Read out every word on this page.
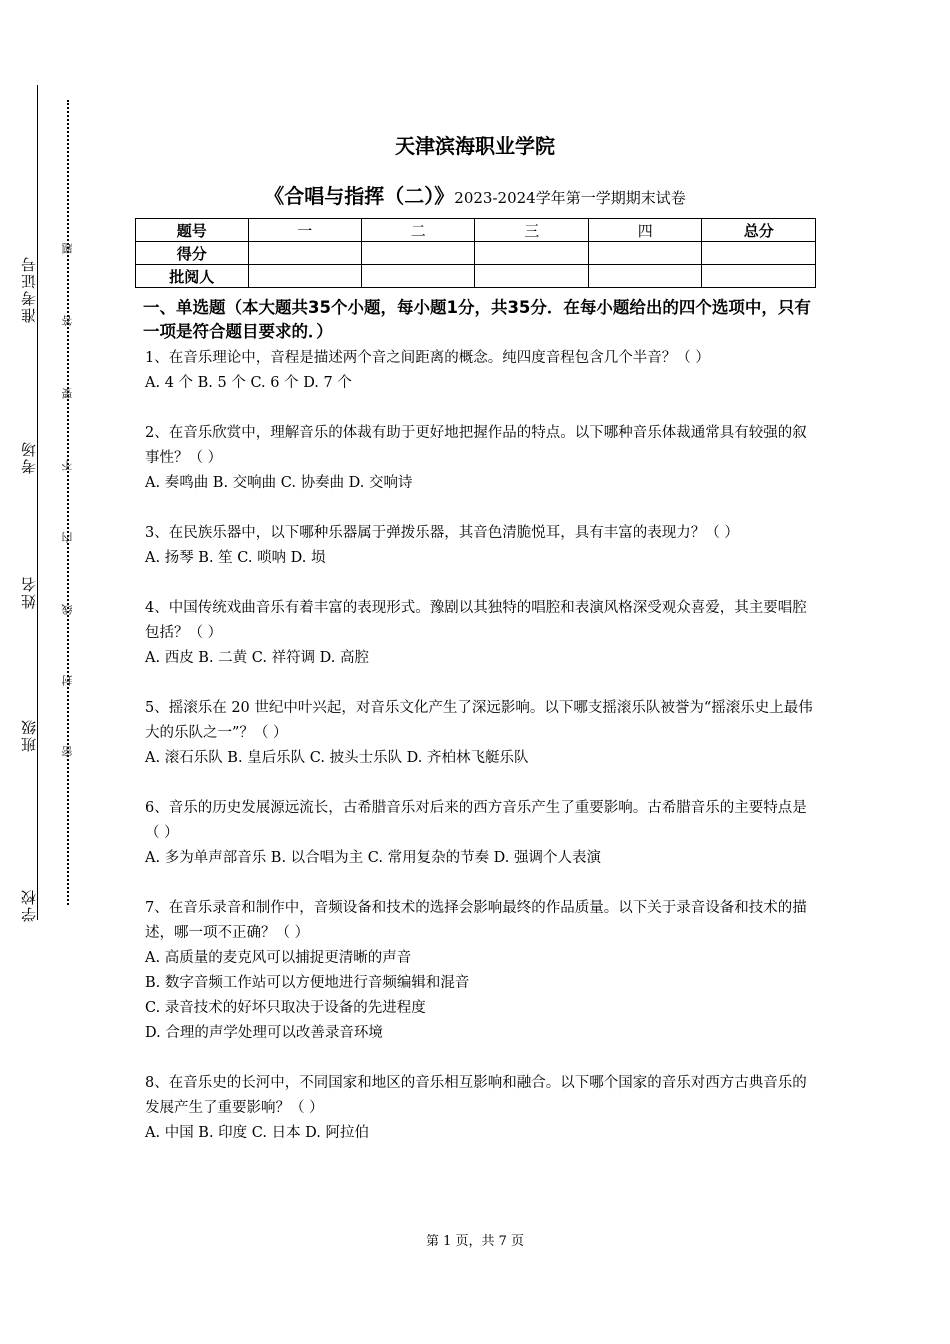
准考证号
考场
姓名
班级
学校
题
答
要
不
内
线
封
密
天津滨海职业学院
《合唱与指挥（二）》2023-2024学年第一学期期末试卷
题号	一	二	三	四	总分
得分					
批阅人					
一、单选题（本大题共35个小题，每小题1分，共35分．在每小题给出的四个选项中，只有一项是符合题目要求的．）
1、在音乐理论中，音程是描述两个音之间距离的概念。纯四度音程包含几个半音？（ ）
A. 4 个 B. 5 个 C. 6 个 D. 7 个
2、在音乐欣赏中，理解音乐的体裁有助于更好地把握作品的特点。以下哪种音乐体裁通常具有较强的叙事性？（ ）
A. 奏鸣曲 B. 交响曲 C. 协奏曲 D. 交响诗
3、在民族乐器中，以下哪种乐器属于弹拨乐器，其音色清脆悦耳，具有丰富的表现力？（ ）
A. 扬琴 B. 笙 C. 唢呐 D. 埙
4、中国传统戏曲音乐有着丰富的表现形式。豫剧以其独特的唱腔和表演风格深受观众喜爱，其主要唱腔包括？（ ）
A. 西皮 B. 二黄 C. 祥符调 D. 高腔
5、摇滚乐在 20 世纪中叶兴起，对音乐文化产生了深远影响。以下哪支摇滚乐队被誉为“摇滚乐史上最伟大的乐队之一”？（ ）
A. 滚石乐队 B. 皇后乐队 C. 披头士乐队 D. 齐柏林飞艇乐队
6、音乐的历史发展源远流长，古希腊音乐对后来的西方音乐产生了重要影响。古希腊音乐的主要特点是（ ）
A. 多为单声部音乐 B. 以合唱为主 C. 常用复杂的节奏 D. 强调个人表演
7、在音乐录音和制作中，音频设备和技术的选择会影响最终的作品质量。以下关于录音设备和技术的描述，哪一项不正确？（ ）
A. 高质量的麦克风可以捕捉更清晰的声音
B. 数字音频工作站可以方便地进行音频编辑和混音
C. 录音技术的好坏只取决于设备的先进程度
D. 合理的声学处理可以改善录音环境
8、在音乐史的长河中，不同国家和地区的音乐相互影响和融合。以下哪个国家的音乐对西方古典音乐的发展产生了重要影响？（ ）
A. 中国 B. 印度 C. 日本 D. 阿拉伯
第 1 页，共 7 页
